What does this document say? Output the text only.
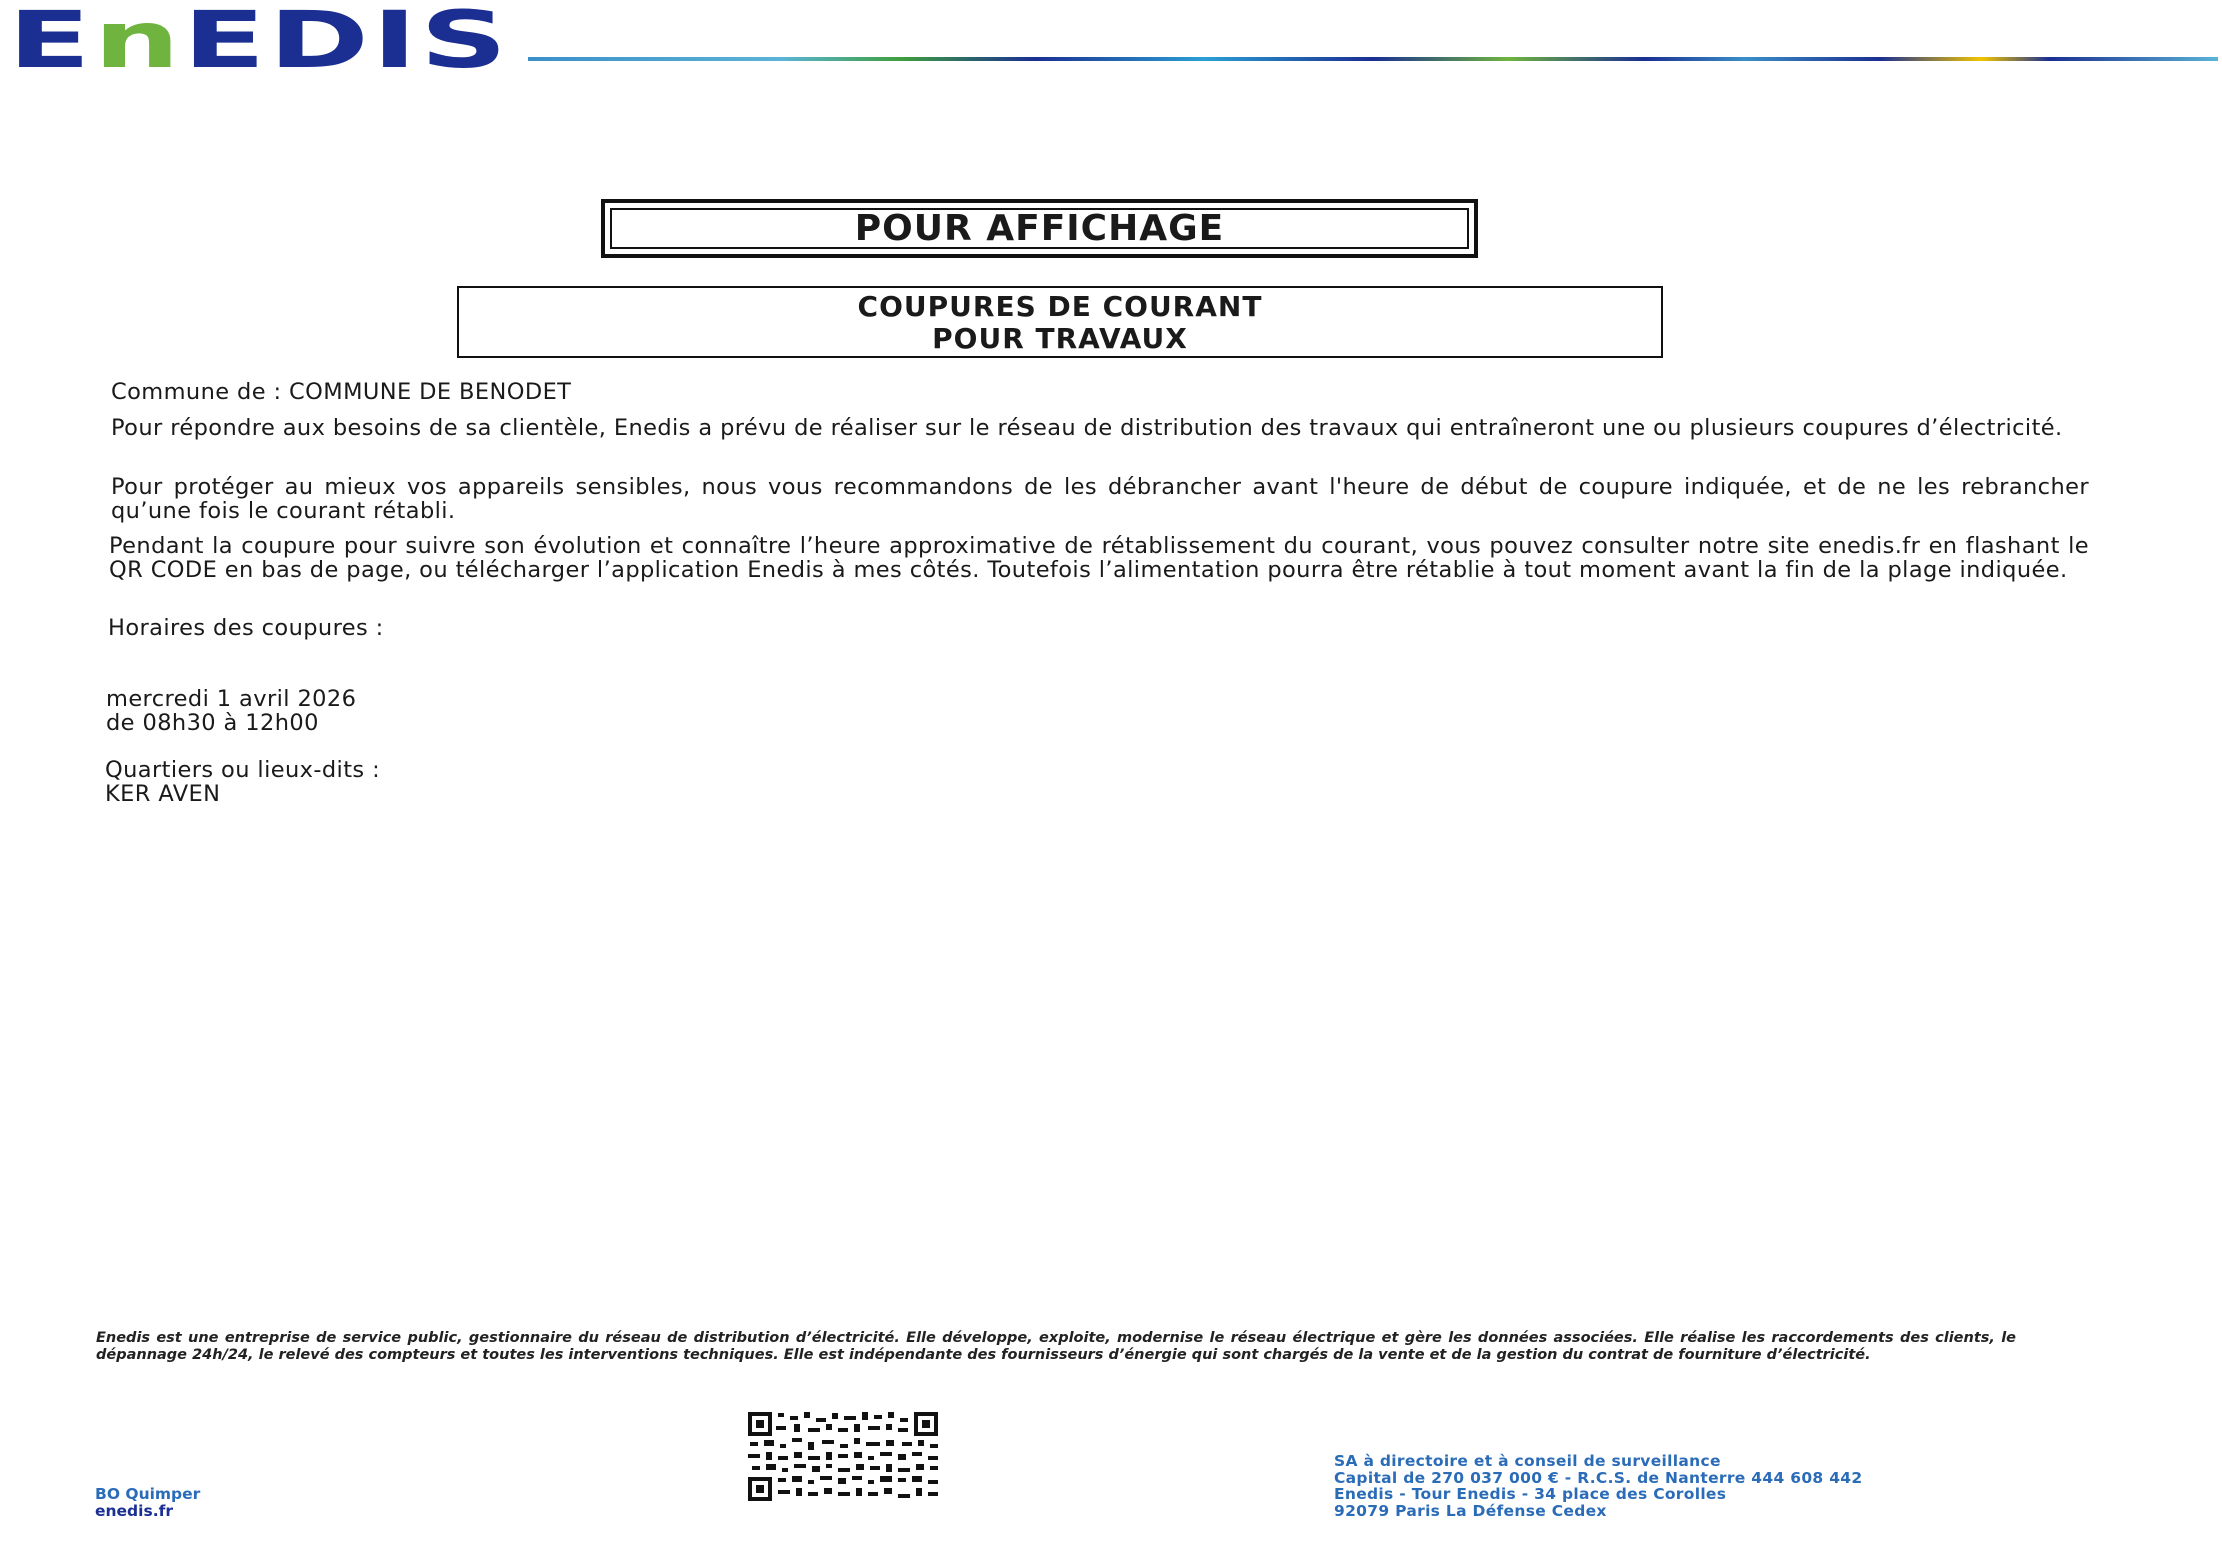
EnEDIS
POUR AFFICHAGE
COUPURES DE COURANT
POUR TRAVAUX
Commune de : COMMUNE DE BENODET
Pour répondre aux besoins de sa clientèle, Enedis a prévu de réaliser sur le réseau de distribution des travaux qui entraîneront une ou plusieurs coupures d’électricité.
Pour protéger au mieux vos appareils sensibles, nous vous recommandons de les débrancher avant l'heure de début de coupure indiquée, et de ne les rebrancher qu’une fois le courant rétabli.
Pendant la coupure pour suivre son évolution et connaître l’heure approximative de rétablissement du courant, vous pouvez consulter notre site enedis.fr en flashant le QR CODE en bas de page, ou télécharger l’application Enedis à mes côtés. Toutefois l’alimentation pourra être rétablie à tout moment avant la fin de la plage indiquée.
Horaires des coupures :
mercredi 1 avril 2026
de 08h30 à 12h00
Quartiers ou lieux-dits :
KER AVEN
Enedis est une entreprise de service public, gestionnaire du réseau de distribution d’électricité. Elle développe, exploite, modernise le réseau électrique et gère les données associées. Elle réalise les raccordements des clients, le dépannage 24h/24, le relevé des compteurs et toutes les interventions techniques. Elle est indépendante des fournisseurs d’énergie qui sont chargés de la vente et de la gestion du contrat de fourniture d’électricité.
BO Quimper
enedis.fr
SA à directoire et à conseil de surveillance
Capital de 270 037 000 € - R.C.S. de Nanterre 444 608 442
Enedis - Tour Enedis - 34 place des Corolles
92079 Paris La Défense Cedex
